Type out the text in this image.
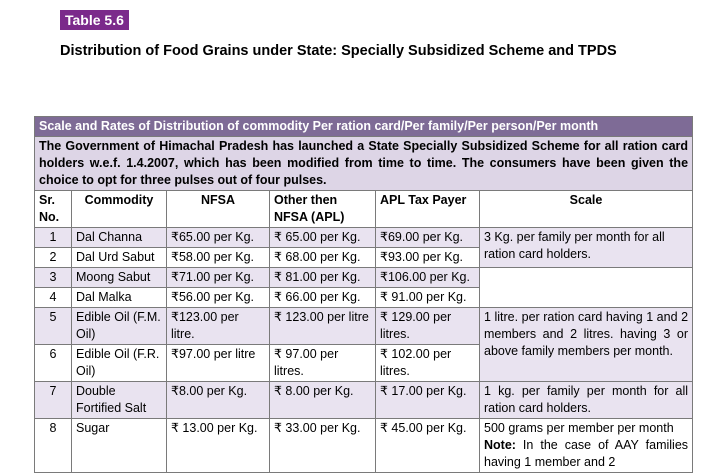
Table 5.6
Distribution of Food Grains under State: Specially Subsidized Scheme and TPDS
Scale and Rates of Distribution of commodity Per ration card/Per family/Per person/Per month					
The Government of Himachal Pradesh has launched a State Specially Subsidized Scheme for all ration card holders w.e.f. 1.4.2007, which has been modified from time to time. The consumers have been given the choice to opt for three pulses out of four pulses.					
Sr. No.	Commodity	NFSA	Other then NFSA (APL)	APL Tax Payer	Scale
1	Dal Channa	₹65.00 per Kg.	₹ 65.00 per Kg.	₹69.00 per Kg.	3 Kg. per family per month for all ration card holders.
2	Dal Urd Sabut	₹58.00 per Kg.	₹ 68.00 per Kg.	₹93.00 per Kg.	
3	Moong Sabut	₹71.00 per Kg.	₹ 81.00 per Kg.	₹106.00 per Kg.	
4	Dal Malka	₹56.00 per Kg.	₹ 66.00 per Kg.	₹ 91.00 per Kg.	
5	Edible Oil (F.M. Oil)	₹123.00 per litre.	₹ 123.00 per litre	₹ 129.00 per litres.	1 litre. per ration card having 1 and 2 members and 2 litres. having 3 or above family members per month.
6	Edible Oil (F.R. Oil)	₹97.00 per litre	₹ 97.00 per litres.	₹ 102.00 per litres.	
7	Double Fortified Salt	₹8.00 per Kg.	₹ 8.00 per Kg.	₹ 17.00 per Kg.	1 kg. per family per month for all ration card holders.
8	Sugar	₹ 13.00 per Kg.	₹ 33.00 per Kg.	₹ 45.00 per Kg.	500 grams per member per month
Note: In the case of AAY families having 1 member and 2
